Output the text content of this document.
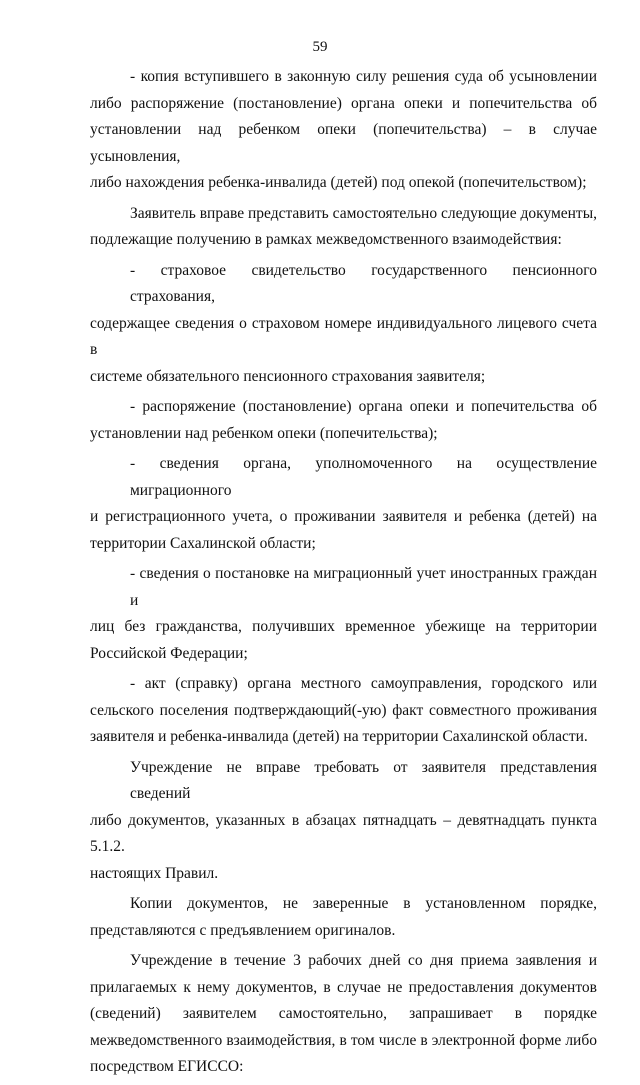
59
- копия вступившего в законную силу решения суда об усыновлении
либо распоряжение (постановление) органа опеки и попечительства об
установлении над ребенком опеки (попечительства) – в случае усыновления,
либо нахождения ребенка-инвалида (детей) под опекой (попечительством);
Заявитель вправе представить самостоятельно следующие документы,
подлежащие получению в рамках межведомственного взаимодействия:
- страховое свидетельство государственного пенсионного страхования,
содержащее сведения о страховом номере индивидуального лицевого счета в
системе обязательного пенсионного страхования заявителя;
- распоряжение (постановление) органа опеки и попечительства об
установлении над ребенком опеки (попечительства);
- сведения органа, уполномоченного на осуществление миграционного
и регистрационного учета, о проживании заявителя и ребенка (детей) на
территории Сахалинской области;
- сведения о постановке на миграционный учет иностранных граждан и
лиц без гражданства, получивших временное убежище на территории
Российской Федерации;
- акт (справку) органа местного самоуправления, городского или
сельского поселения подтверждающий(-ую) факт совместного проживания
заявителя и ребенка-инвалида (детей) на территории Сахалинской области.
Учреждение не вправе требовать от заявителя представления сведений
либо документов, указанных в абзацах пятнадцать – девятнадцать пункта 5.1.2.
настоящих Правил.
Копии документов, не заверенные в установленном порядке,
представляются с предъявлением оригиналов.
Учреждение в течение 3 рабочих дней со дня приема заявления и
прилагаемых к нему документов, в случае не предоставления документов
(сведений) заявителем самостоятельно, запрашивает в порядке
межведомственного взаимодействия, в том числе в электронной форме либо
посредством ЕГИССО:
